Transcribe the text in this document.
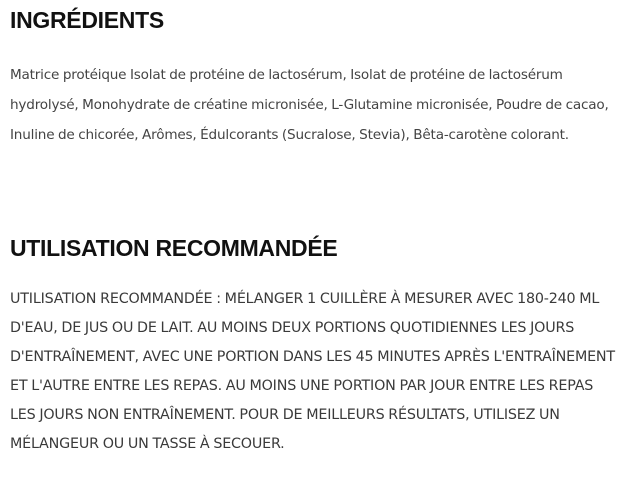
INGRÉDIENTS

Matrice protéique Isolat de protéine de lactosérum, Isolat de protéine de lactosérum hydrolysé, Monohydrate de créatine micronisée, L-Glutamine micronisée, Poudre de cacao, Inuline de chicorée, Arômes, Édulcorants (Sucralose, Stevia), Bêta-carotène colorant.

UTILISATION RECOMMANDÉE

UTILISATION RECOMMANDÉE : MÉLANGER 1 CUILLÈRE À MESURER AVEC 180-240 ML D'EAU, DE JUS OU DE LAIT. AU MOINS DEUX PORTIONS QUOTIDIENNES LES JOURS D'ENTRAÎNEMENT, AVEC UNE PORTION DANS LES 45 MINUTES APRÈS L'ENTRAÎNEMENT ET L'AUTRE ENTRE LES REPAS. AU MOINS UNE PORTION PAR JOUR ENTRE LES REPAS LES JOURS NON ENTRAÎNEMENT. POUR DE MEILLEURS RÉSULTATS, UTILISEZ UN MÉLANGEUR OU UN TASSE À SECOUER.
